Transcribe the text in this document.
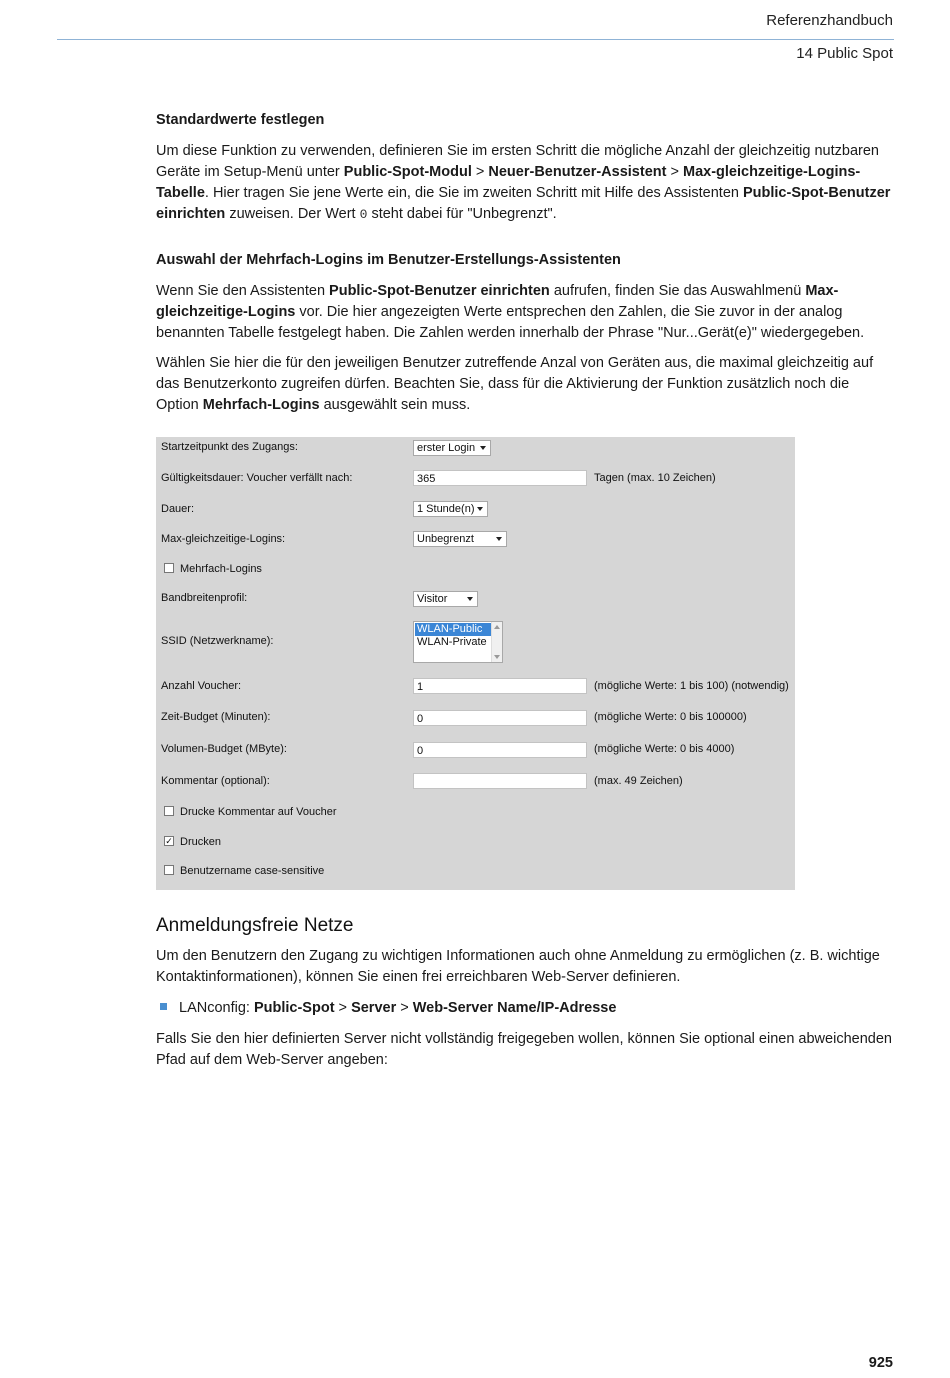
Referenzhandbuch
14 Public Spot
Standardwerte festlegen

Um diese Funktion zu verwenden, definieren Sie im ersten Schritt die mögliche Anzahl der gleichzeitig nutzbaren Geräte im Setup-Menü unter Public-Spot-Modul > Neuer-Benutzer-Assistent > Max-gleichzeitige-Logins-Tabelle. Hier tragen Sie jene Werte ein, die Sie im zweiten Schritt mit Hilfe des Assistenten Public-Spot-Benutzer einrichten zuweisen. Der Wert 0 steht dabei für "Unbegrenzt".

Auswahl der Mehrfach-Logins im Benutzer-Erstellungs-Assistenten

Wenn Sie den Assistenten Public-Spot-Benutzer einrichten aufrufen, finden Sie das Auswahlmenü Max-gleichzeitige-Logins vor. Die hier angezeigten Werte entsprechen den Zahlen, die Sie zuvor in der analog benannten Tabelle festgelegt haben. Die Zahlen werden innerhalb der Phrase "Nur...Gerät(e)" wiedergegeben.

Wählen Sie hier die für den jeweiligen Benutzer zutreffende Anzal von Geräten aus, die maximal gleichzeitig auf das Benutzerkonto zugreifen dürfen. Beachten Sie, dass für die Aktivierung der Funktion zusätzlich noch die Option Mehrfach-Logins ausgewählt sein muss.

Startzeitpunkt des Zugangs:	erster Login
Gültigkeitsdauer: Voucher verfällt nach:	365	Tagen (max. 10 Zeichen)
Dauer:	1 Stunde(n)
Max-gleichzeitige-Logins:	Unbegrenzt
Mehrfach-Logins
Bandbreitenprofil:	Visitor
SSID (Netzwerkname):
WLAN-Public
WLAN-Private
Anzahl Voucher:	1	(mögliche Werte: 1 bis 100) (notwendig)
Zeit-Budget (Minuten):	0	(mögliche Werte: 0 bis 100000)
Volumen-Budget (MByte):	0	(mögliche Werte: 0 bis 4000)
Kommentar (optional):	(max. 49 Zeichen)
Drucke Kommentar auf Voucher
✓ Drucken
Benutzername case-sensitive
Anmeldungsfreie Netze

Um den Benutzern den Zugang zu wichtigen Informationen auch ohne Anmeldung zu ermöglichen (z. B. wichtige Kontaktinformationen), können Sie einen frei erreichbaren Web-Server definieren.

LANconfig: Public-Spot > Server > Web-Server Name/IP-Adresse

Falls Sie den hier definierten Server nicht vollständig freigegeben wollen, können Sie optional einen abweichenden Pfad auf dem Web-Server angeben:

925
